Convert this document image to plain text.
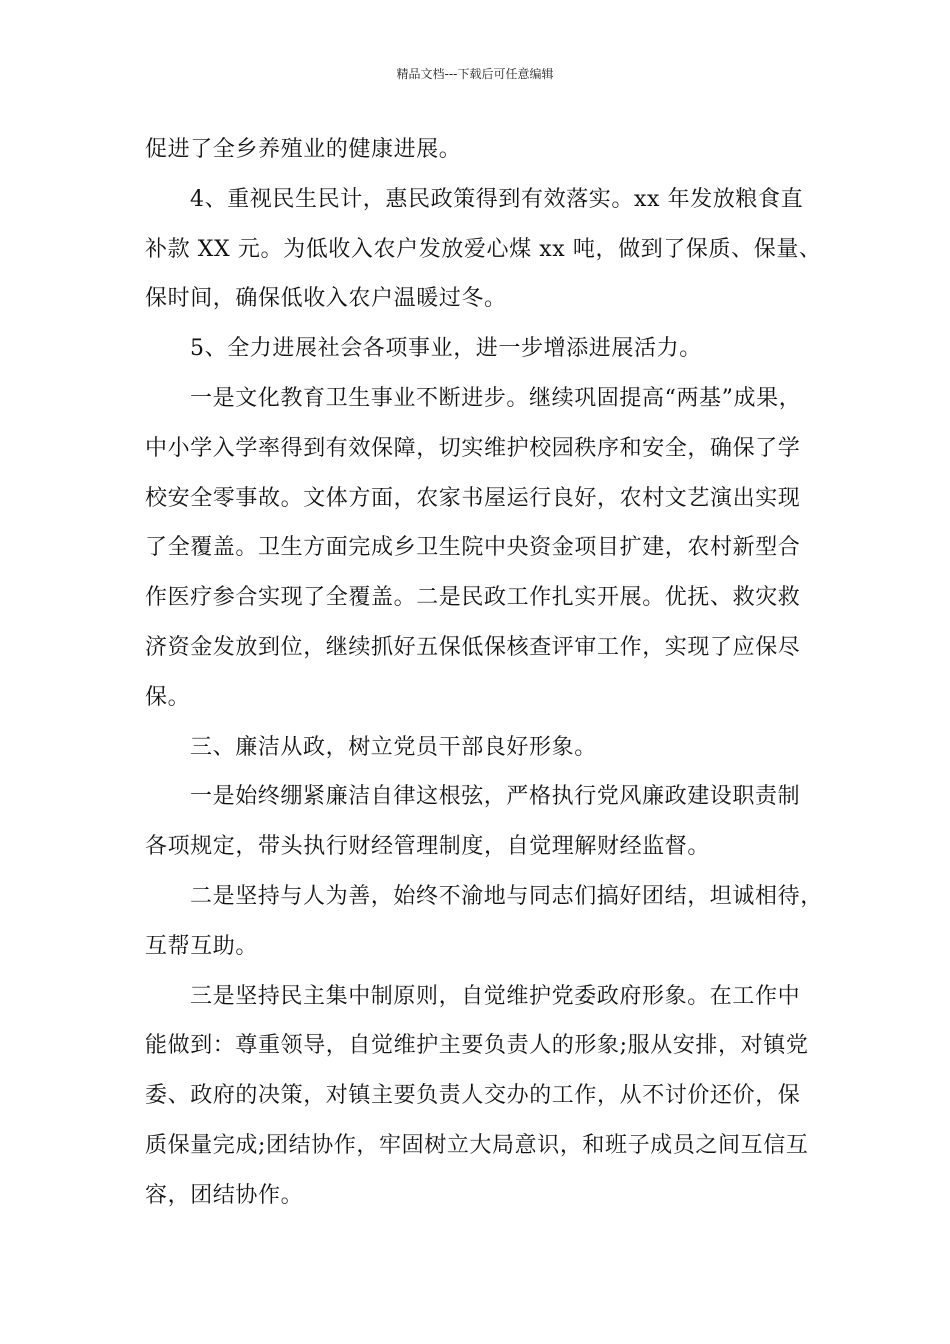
精品文档---下载后可任意编辑
促进了全乡养殖业的健康进展。
4、重视民生民计，惠民政策得到有效落实。xx 年发放粮食直
补款 XX 元。为低收入农户发放爱心煤 xx 吨，做到了保质、保量、
保时间，确保低收入农户温暖过冬。
5、全力进展社会各项事业，进一步增添进展活力。
一是文化教育卫生事业不断进步。继续巩固提高“两基”成果，
中小学入学率得到有效保障，切实维护校园秩序和安全，确保了学
校安全零事故。文体方面，农家书屋运行良好，农村文艺演出实现
了全覆盖。卫生方面完成乡卫生院中央资金项目扩建，农村新型合
作医疗参合实现了全覆盖。二是民政工作扎实开展。优抚、救灾救
济资金发放到位，继续抓好五保低保核查评审工作，实现了应保尽
保。
三、廉洁从政，树立党员干部良好形象。
一是始终绷紧廉洁自律这根弦，严格执行党风廉政建设职责制
各项规定，带头执行财经管理制度，自觉理解财经监督。
二是坚持与人为善，始终不渝地与同志们搞好团结，坦诚相待，
互帮互助。
三是坚持民主集中制原则，自觉维护党委政府形象。在工作中
能做到：尊重领导，自觉维护主要负责人的形象;服从安排，对镇党
委、政府的决策，对镇主要负责人交办的工作，从不讨价还价，保
质保量完成;团结协作，牢固树立大局意识，和班子成员之间互信互
容，团结协作。
